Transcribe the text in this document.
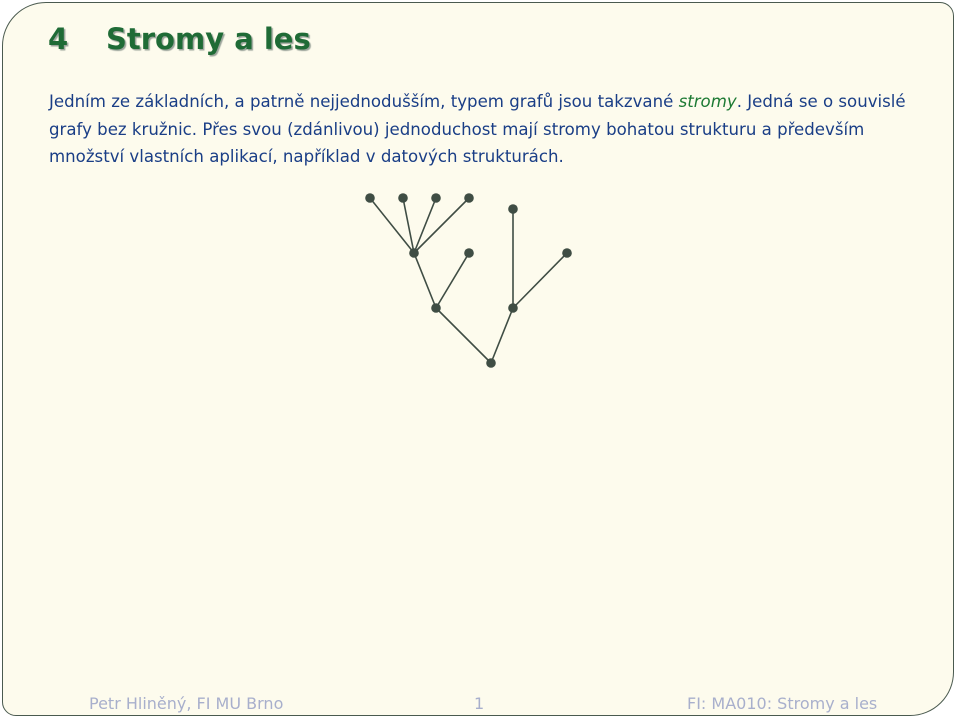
4	Stromy a les

Jedním ze základních, a patrně nejjednodušším, typem grafů jsou takzvané stromy. Jedná se o souvislé grafy bez kružnic. Přes svou (zdánlivou) jednoduchost mají stromy bohatou strukturu a především množství vlastních aplikací, například v datových strukturách.

Petr Hliněný, FI MU Brno	1	FI: MA010: Stromy a les
